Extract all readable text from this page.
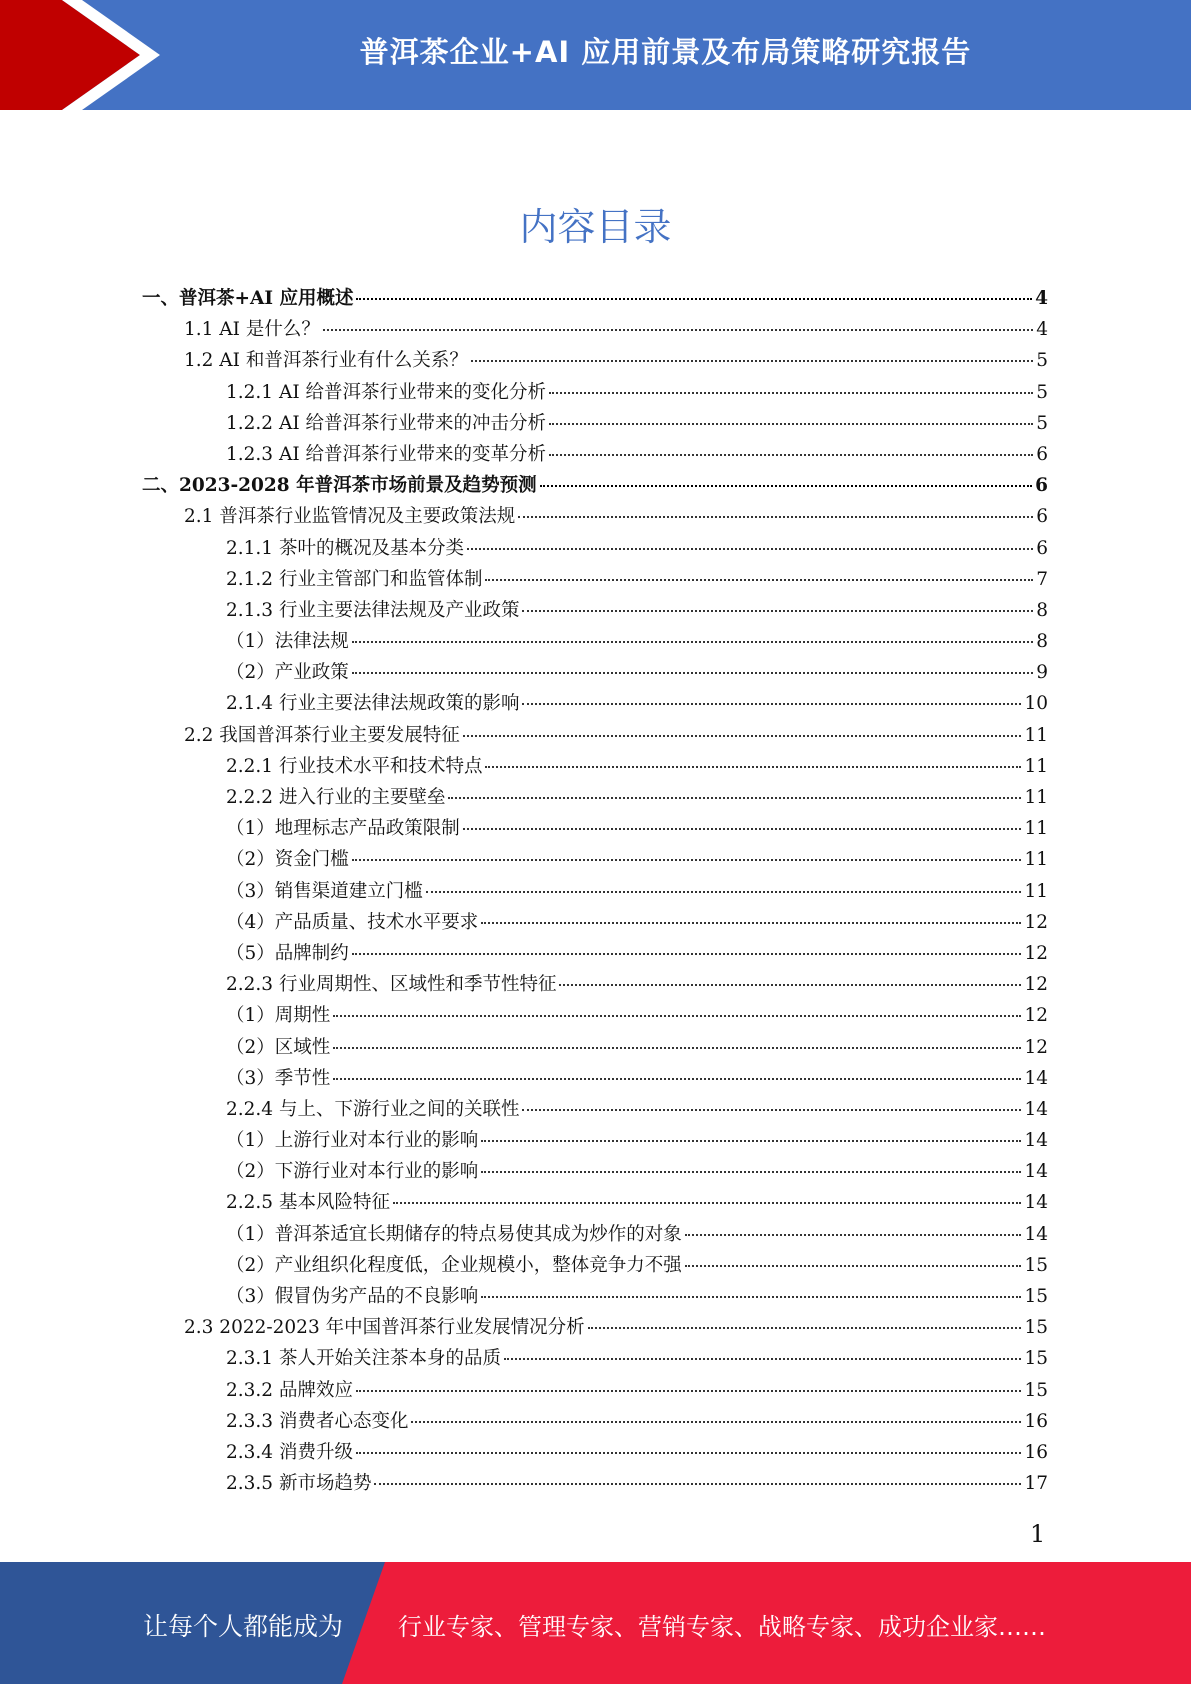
普洱茶企业+AI 应用前景及布局策略研究报告
内容目录
一、普洱茶+AI 应用概述	4
1.1 AI 是什么？	4
1.2 AI 和普洱茶行业有什么关系？	5
1.2.1 AI 给普洱茶行业带来的变化分析	5
1.2.2 AI 给普洱茶行业带来的冲击分析	5
1.2.3 AI 给普洱茶行业带来的变革分析	6
二、2023-2028 年普洱茶市场前景及趋势预测	6
2.1 普洱茶行业监管情况及主要政策法规	6
2.1.1 茶叶的概况及基本分类	6
2.1.2 行业主管部门和监管体制	7
2.1.3 行业主要法律法规及产业政策	8
（1）法律法规	8
（2）产业政策	9
2.1.4 行业主要法律法规政策的影响	10
2.2 我国普洱茶行业主要发展特征	11
2.2.1 行业技术水平和技术特点	11
2.2.2 进入行业的主要壁垒	11
（1）地理标志产品政策限制	11
（2）资金门槛	11
（3）销售渠道建立门槛	11
（4）产品质量、技术水平要求	12
（5）品牌制约	12
2.2.3 行业周期性、区域性和季节性特征	12
（1）周期性	12
（2）区域性	12
（3）季节性	14
2.2.4 与上、下游行业之间的关联性	14
（1）上游行业对本行业的影响	14
（2）下游行业对本行业的影响	14
2.2.5 基本风险特征	14
（1）普洱茶适宜长期储存的特点易使其成为炒作的对象	14
（2）产业组织化程度低，企业规模小，整体竞争力不强	15
（3）假冒伪劣产品的不良影响	15
2.3 2022-2023 年中国普洱茶行业发展情况分析	15
2.3.1 茶人开始关注茶本身的品质	15
2.3.2 品牌效应	15
2.3.3 消费者心态变化	16
2.3.4 消费升级	16
2.3.5 新市场趋势	17
1
让每个人都能成为 行业专家、管理专家、营销专家、战略专家、成功企业家……
